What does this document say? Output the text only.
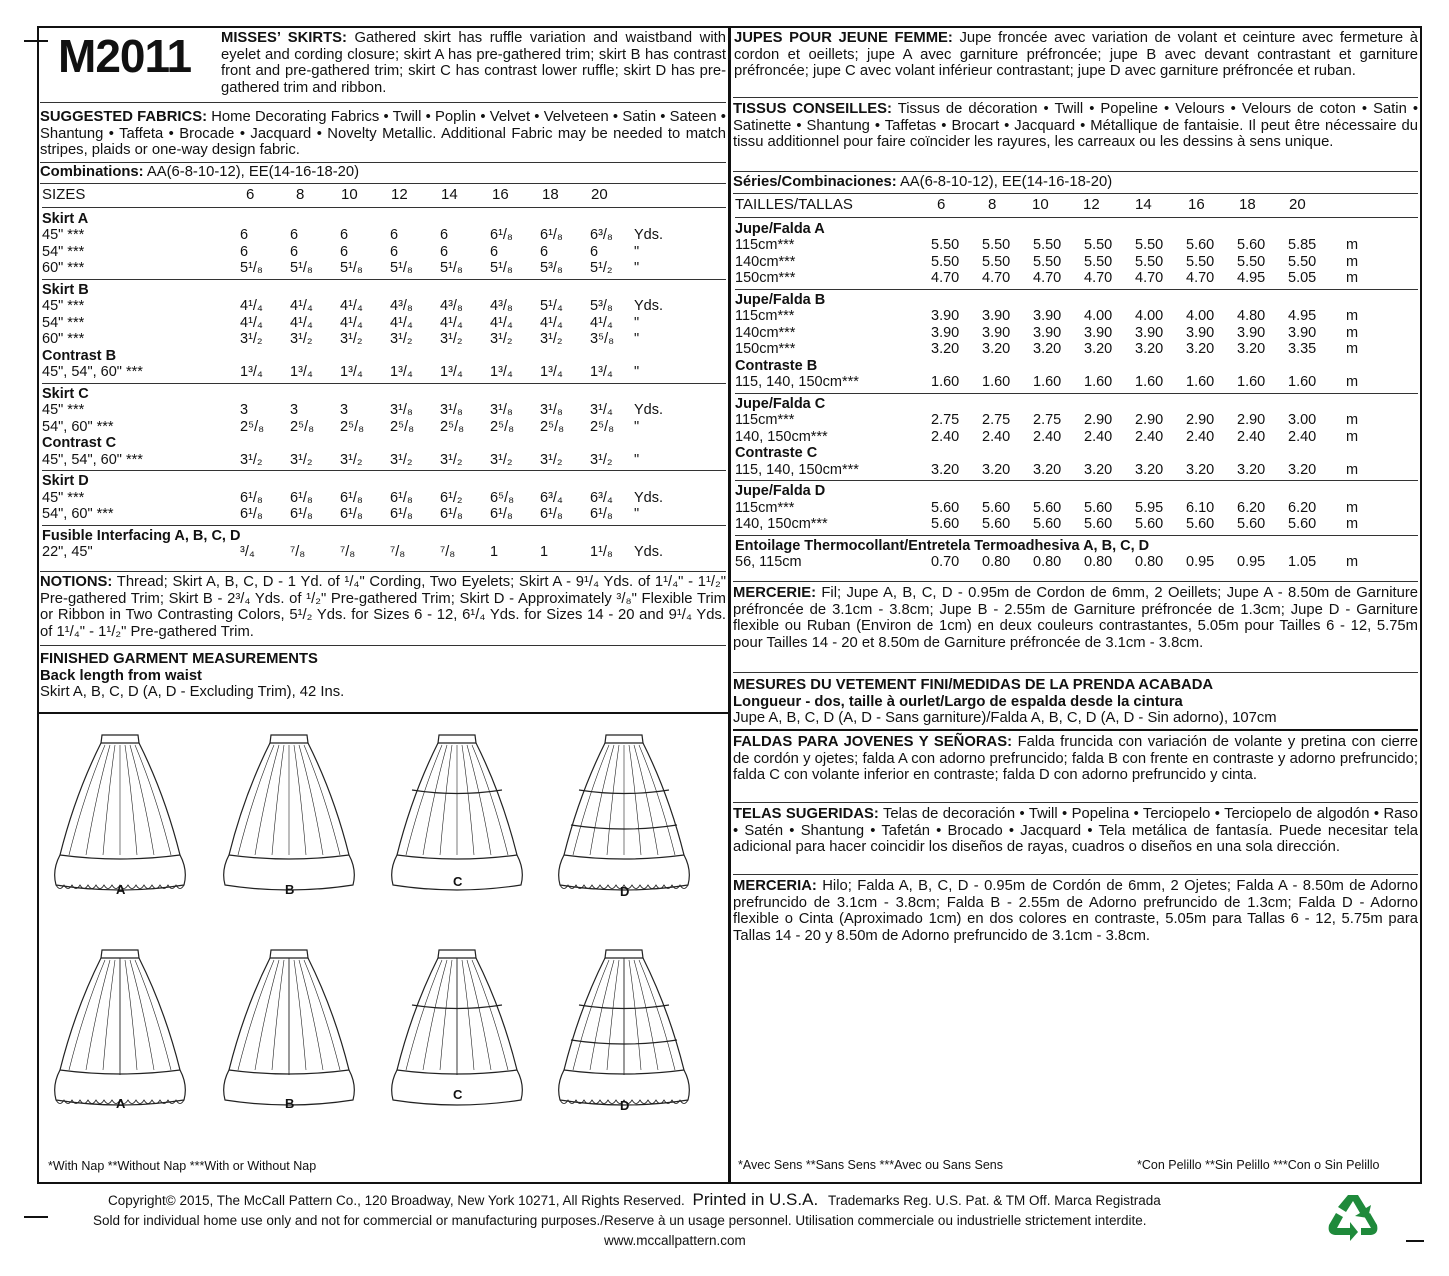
M2011 MISSES’ SKIRTS: Gathered skirt has ruffle variation and waistband with eyelet and cording closure; skirt A has pre-gathered trim; skirt B has contrast front and pre-gathered trim; skirt C has contrast lower ruffle; skirt D has pre-gathered trim and ribbon.
SUGGESTED FABRICS: Home Decorating Fabrics • Twill • Poplin • Velvet • Velveteen • Satin • Sateen • Shantung • Taffeta • Brocade • Jacquard • Novelty Metallic. Additional Fabric may be needed to match stripes, plaids or one-way design fabric.
Combinations: AA(6-8-10-12), EE(14-16-18-20)
SIZES	6	8 10 12 14 16 18 20
Skirt A
45" ***	6	6	6	6	6	6¹/₈ 6¹/₈ 6³/₈ Yds.
54" ***	6	6	6	6	6	6	6	6 "
60" ***	5¹/₈ 5¹/₈ 5¹/₈ 5¹/₈ 5¹/₈ 5¹/₈ 5³/₈ 5¹/₂ "
Skirt B
45" ***	4¹/₄ 4¹/₄ 4¹/₄ 4³/₈ 4³/₈ 4³/₈ 5¹/₄ 5³/₈ Yds.
54" ***	4¹/₄ 4¹/₄ 4¹/₄ 4¹/₄ 4¹/₄ 4¹/₄ 4¹/₄ 4¹/₄ "
60" ***	3¹/₂ 3¹/₂ 3¹/₂ 3¹/₂ 3¹/₂ 3¹/₂ 3¹/₂ 3⁵/₈ "
Contrast B
45", 54", 60" ***	1³/₄ 1³/₄ 1³/₄ 1³/₄ 1³/₄ 1³/₄ 1³/₄ 1³/₄ "
Skirt C
45" ***	3	3	3	3¹/₈ 3¹/₈ 3¹/₈ 3¹/₈ 3¹/₄ Yds.
54", 60" ***	2⁵/₈ 2⁵/₈ 2⁵/₈ 2⁵/₈ 2⁵/₈ 2⁵/₈ 2⁵/₈ 2⁵/₈ "
Contrast C
45", 54", 60" ***	3¹/₂ 3¹/₂ 3¹/₂ 3¹/₂ 3¹/₂ 3¹/₂ 3¹/₂ 3¹/₂ "
Skirt D
45" ***	6¹/₈ 6¹/₈ 6¹/₈ 6¹/₈ 6¹/₂ 6⁵/₈ 6³/₄ 6³/₄ Yds.
54", 60" ***	6¹/₈ 6¹/₈ 6¹/₈ 6¹/₈ 6¹/₈ 6¹/₈ 6¹/₈ 6¹/₈ "
Fusible Interfacing A, B, C, D
22", 45"	³/₄ ⁷/₈ ⁷/₈ ⁷/₈ ⁷/₈ 1	1	1¹/₈ Yds.
NOTIONS: Thread; Skirt A, B, C, D - 1 Yd. of ¹/₄" Cording, Two Eyelets; Skirt A - 9¹/₄ Yds. of 1¹/₄" - 1¹/₂" Pre-gathered Trim; Skirt B - 2³/₄ Yds. of ¹/₂" Pre-gathered Trim; Skirt D - Approximately ³/₈" Flexible Trim or Ribbon in Two Contrasting Colors, 5¹/₂ Yds. for Sizes 6 - 12, 6¹/₄ Yds. for Sizes 14 - 20 and 9¹/₄ Yds. of 1¹/₄" - 1¹/₂" Pre-gathered Trim.
FINISHED GARMENT MEASUREMENTS
Back length from waist
Skirt A, B, C, D (A, D - Excluding Trim), 42 Ins.
JUPES POUR JEUNE FEMME: Jupe froncée avec variation de volant et ceinture avec fermeture à cordon et oeillets; jupe A avec garniture préfroncée; jupe B avec devant contrastant et garniture préfroncée; jupe C avec volant inférieur contrastant; jupe D avec garniture préfroncée et ruban.
TISSUS CONSEILLES: Tissus de décoration • Twill • Popeline • Velours • Velours de coton • Satin • Satinette • Shantung • Taffetas • Brocart • Jacquard • Métallique de fantaisie. Il peut être nécessaire du tissu additionnel pour faire coïncider les rayures, les carreaux ou les dessins à sens unique.
Séries/Combinaciones: AA(6-8-10-12), EE(14-16-18-20)
TAILLES/TALLAS	6	8 10 12 14 16 18 20
Jupe/Falda A
115cm***	5.50 5.50 5.50 5.50 5.50 5.60 5.60 5.85 m
140cm***	5.50 5.50 5.50 5.50 5.50 5.50 5.50 5.50 m
150cm***	4.70 4.70 4.70 4.70 4.70 4.70 4.95 5.05 m
Jupe/Falda B
115cm***	3.90 3.90 3.90 4.00 4.00 4.00 4.80 4.95 m
140cm***	3.90 3.90 3.90 3.90 3.90 3.90 3.90 3.90 m
150cm***	3.20 3.20 3.20 3.20 3.20 3.20 3.20 3.35 m
Contraste B
115, 140, 150cm***	1.60 1.60 1.60 1.60 1.60 1.60 1.60 1.60 m
Jupe/Falda C
115cm***	2.75 2.75 2.75 2.90 2.90 2.90 2.90 3.00 m
140, 150cm***	2.40 2.40 2.40 2.40 2.40 2.40 2.40 2.40 m
Contraste C
115, 140, 150cm***	3.20 3.20 3.20 3.20 3.20 3.20 3.20 3.20 m
Jupe/Falda D
115cm***	5.60 5.60 5.60 5.60 5.95 6.10 6.20 6.20 m
140, 150cm***	5.60 5.60 5.60 5.60 5.60 5.60 5.60 5.60 m
Entoilage Thermocollant/Entretela Termoadhesiva A, B, C, D
56, 115cm	0.70 0.80 0.80 0.80 0.80 0.95 0.95 1.05 m
MERCERIE: Fil; Jupe A, B, C, D - 0.95m de Cordon de 6mm, 2 Oeillets; Jupe A - 8.50m de Garniture préfroncée de 3.1cm - 3.8cm; Jupe B - 2.55m de Garniture préfroncée de 1.3cm; Jupe D - Garniture flexible ou Ruban (Environ de 1cm) en deux couleurs contrastantes, 5.05m pour Tailles 6 - 12, 5.75m pour Tailles 14 - 20 et 8.50m de Garniture préfroncée de 3.1cm - 3.8cm.
MESURES DU VETEMENT FINI/MEDIDAS DE LA PRENDA ACABADA
Longueur - dos, taille à ourlet/Largo de espalda desde la cintura
Jupe A, B, C, D (A, D - Sans garniture)/Falda A, B, C, D (A, D - Sin adorno), 107cm
FALDAS PARA JOVENES Y SEÑORAS: Falda fruncida con variación de volante y pretina con cierre de cordón y ojetes; falda A con adorno prefruncido; falda B con frente en contraste y adorno prefruncido; falda C con volante inferior en contraste; falda D con adorno prefruncido y cinta.
TELAS SUGERIDAS: Telas de decoración • Twill • Popelina • Terciopelo • Terciopelo de algodón • Raso • Satén • Shantung • Tafetán • Brocado • Jacquard • Tela metálica de fantasía. Puede necesitar tela adicional para hacer coincidir los diseños de rayas, cuadros o diseños en una sola dirección.
MERCERIA: Hilo; Falda A, B, C, D - 0.95m de Cordón de 6mm, 2 Ojetes; Falda A - 8.50m de Adorno prefruncido de 3.1cm - 3.8cm; Falda B - 2.55m de Adorno prefruncido de 1.3cm; Falda D - Adorno flexible o Cinta (Aproximado 1cm) en dos colores en contraste, 5.05m para Tallas 6 - 12, 5.75m para Tallas 14 - 20 y 8.50m de Adorno prefruncido de 3.1cm - 3.8cm.
A
A
B
B
C
C
D
D
*With Nap **Without Nap ***With or Without Nap	*Avec Sens **Sans Sens ***Avec ou Sans Sens	*Con Pelillo **Sin Pelillo ***Con o Sin Pelillo
Copyright© 2015, The McCall Pattern Co., 120 Broadway, New York 10271, All Rights Reserved. Printed in U.S.A. Trademarks Reg. U.S. Pat. & TM Off. Marca Registrada
Sold for individual home use only and not for commercial or manufacturing purposes./Reserve à un usage personnel. Utilisation commerciale ou industrielle strictement interdite.
www.mccallpattern.com
